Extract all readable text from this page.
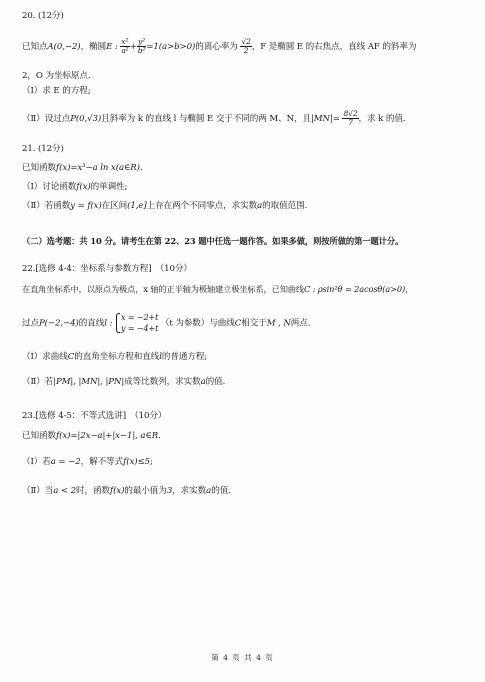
20. (12分)
已知点A(0,−2)，椭圆E : $\frac{\text{x²}}{\text{a²}} + \frac{\text{y²}}{\text{b²}} =1(a>b>0)$的离心率为 $\frac{√2}{2}$ ，F 是椭圆 E 的右焦点，直线 AF 的斜率为
2，O 为坐标原点.
（Ⅰ）求 E 的方程;
（Ⅱ）设过点P(0,√3)且斜率为 k 的直线 l 与椭圆 E 交于不同的两 M、N，且$|MN|= \frac{8√2}{7}$ ，求 k 的值.
21. (12分)
已知函数f(x)=x³−a ln x(a∈R).
（Ⅰ）讨论函数f(x)的单调性;
（Ⅱ）若函数y = f(x)在区间(1,e]上存在两个不同零点，求实数a的取值范围.
（二）选考题：共 10 分。请考生在第 22、23 题中任选一题作答。如果多做，则按所做的第一题计分。
22.[选修 4-4：坐标系与参数方程]　（10分）
在直角坐标系中，以原点为极点，x 轴的正半轴为极轴建立极坐标系，已知曲线C : ρsin²θ = 2acosθ(a>0)，
过点P(−2,−4)的直线l :
x = −2+t
y = −4+t （t 为参数）与曲线C相交于M , N两点.
（Ⅰ）求曲线C的直角坐标方程和直线l的普通方程;
（Ⅱ）若|PM|, |MN|, |PN|成等比数列，求实数a的值.
23.[选修 4-5：不等式选讲]　（10分）
已知函数f(x)=|2x−a|+|x−1|, a∈R.
（Ⅰ）若a = −2，解不等式f(x)≤5;
（Ⅱ）当a < 2时，函数f(x)的最小值为3，求实数a的值.
第 4 页 共 4 页
